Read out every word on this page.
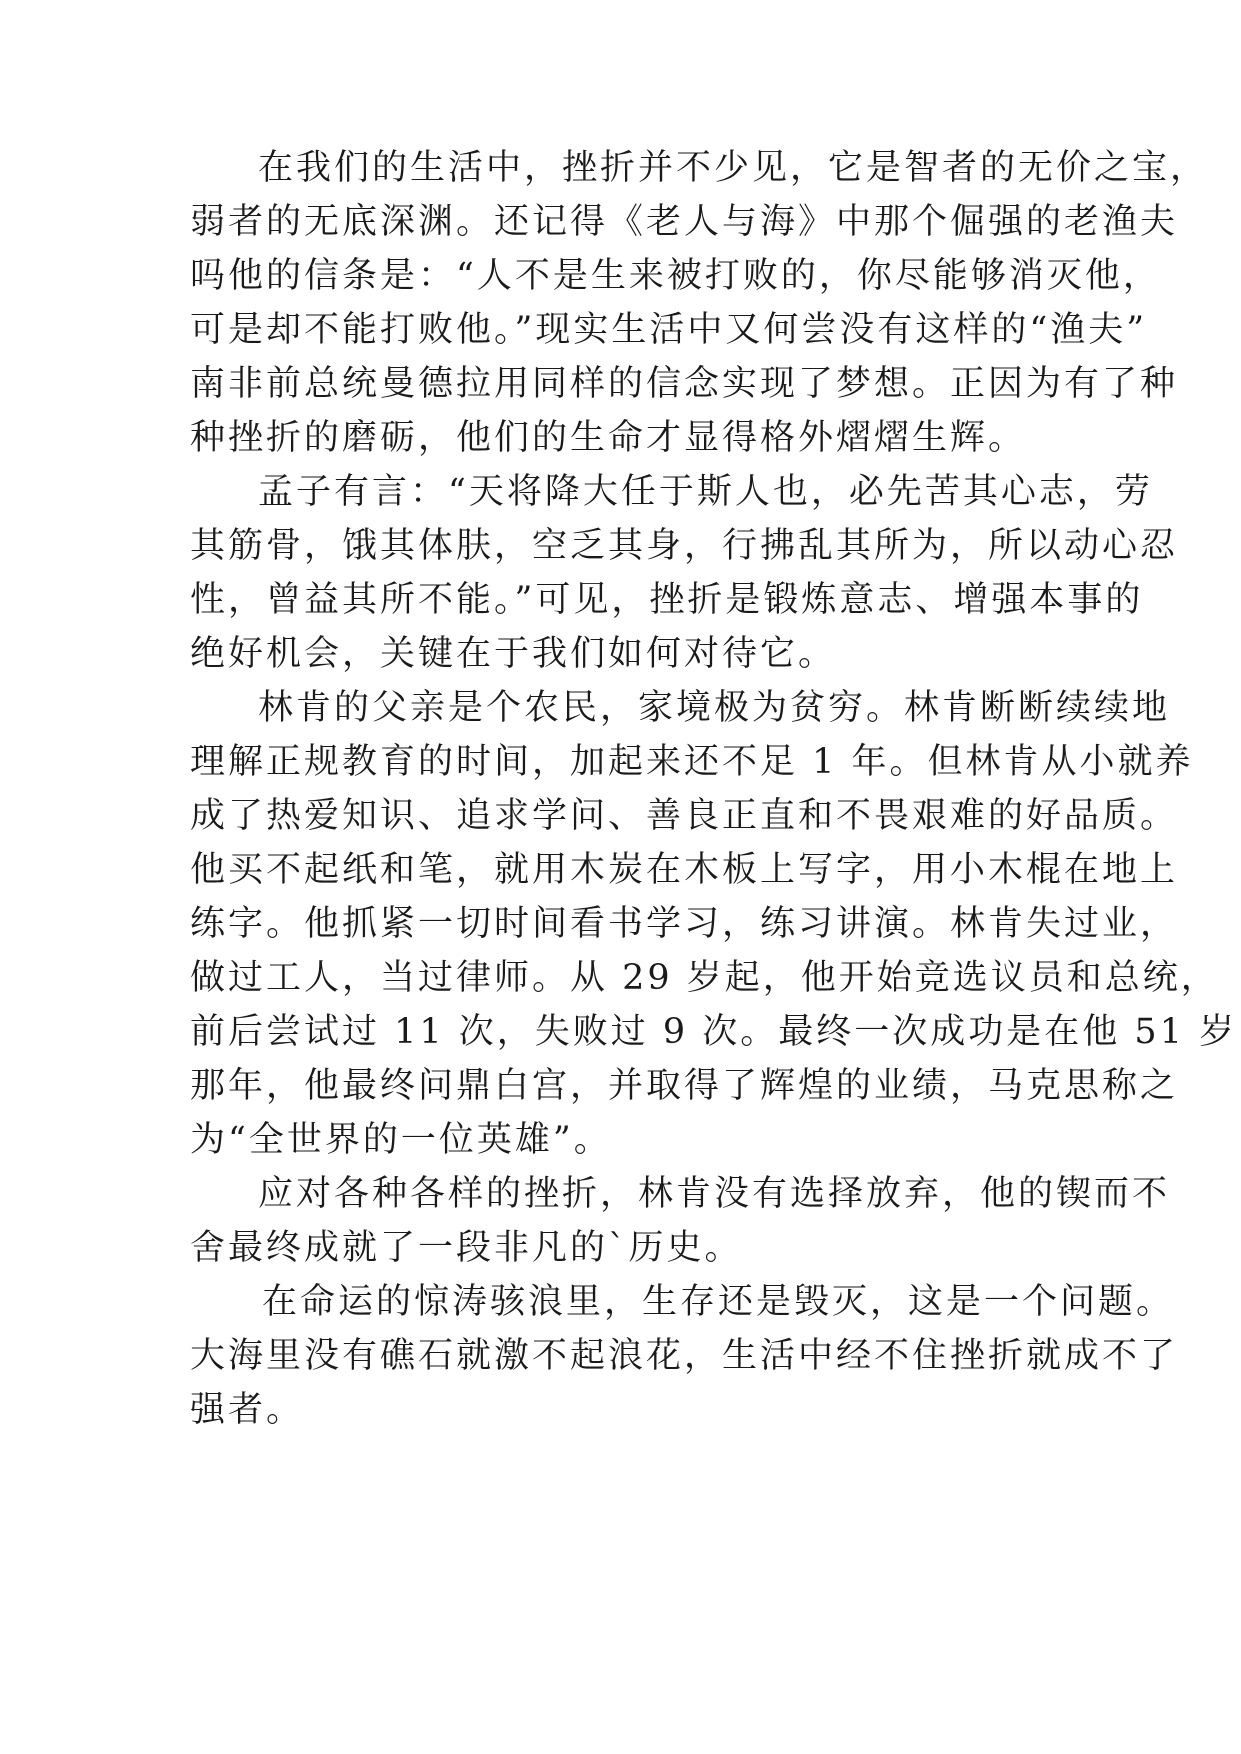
在我们的生活中，挫折并不少见，它是智者的无价之宝，
弱者的无底深渊。还记得《老人与海》中那个倔强的老渔夫
吗他的信条是：“人不是生来被打败的，你尽能够消灭他，
可是却不能打败他。”现实生活中又何尝没有这样的“渔夫”
南非前总统曼德拉用同样的信念实现了梦想。正因为有了种
种挫折的磨砺，他们的生命才显得格外熠熠生辉。
孟子有言：“天将降大任于斯人也，必先苦其心志，劳
其筋骨，饿其体肤，空乏其身，行拂乱其所为，所以动心忍
性，曾益其所不能。”可见，挫折是锻炼意志、增强本事的
绝好机会，关键在于我们如何对待它。
林肯的父亲是个农民，家境极为贫穷。林肯断断续续地
理解正规教育的时间，加起来还不足 1 年。但林肯从小就养
成了热爱知识、追求学问、善良正直和不畏艰难的好品质。
他买不起纸和笔，就用木炭在木板上写字，用小木棍在地上
练字。他抓紧一切时间看书学习，练习讲演。林肯失过业，
做过工人，当过律师。从 29 岁起，他开始竞选议员和总统，
前后尝试过 11 次，失败过 9 次。最终一次成功是在他 51 岁
那年，他最终问鼎白宫，并取得了辉煌的业绩，马克思称之
为“全世界的一位英雄”。
应对各种各样的挫折，林肯没有选择放弃，他的锲而不
舍最终成就了一段非凡的`历史。
在命运的惊涛骇浪里，生存还是毁灭，这是一个问题。
大海里没有礁石就激不起浪花，生活中经不住挫折就成不了
强者。
